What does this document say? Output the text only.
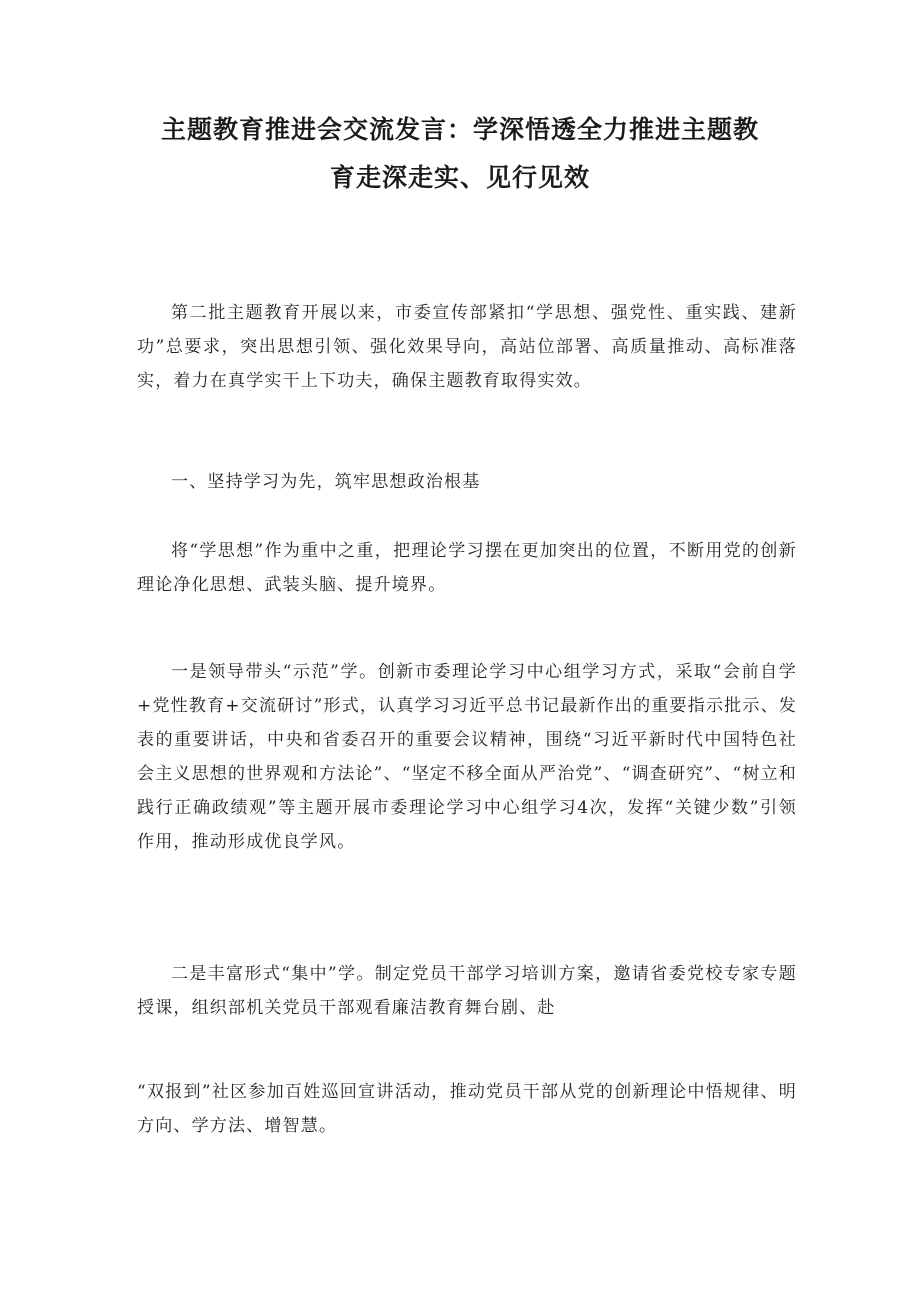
主题教育推进会交流发言：学深悟透全力推进主题教
育走深走实、见行见效

第二批主题教育开展以来，市委宣传部紧扣“学思想、强党性、重实践、建新功”总要求，突出思想引领、强化效果导向，高站位部署、高质量推动、高标准落实，着力在真学实干上下功夫，确保主题教育取得实效。

一、坚持学习为先，筑牢思想政治根基

将“学思想”作为重中之重，把理论学习摆在更加突出的位置，不断用党的创新理论净化思想、武装头脑、提升境界。

一是领导带头“示范”学。创新市委理论学习中心组学习方式，采取“会前自学+党性教育+交流研讨”形式，认真学习习近平总书记最新作出的重要指示批示、发表的重要讲话，中央和省委召开的重要会议精神，围绕“习近平新时代中国特色社会主义思想的世界观和方法论”、“坚定不移全面从严治党”、“调查研究”、“树立和践行正确政绩观”等主题开展市委理论学习中心组学习4次，发挥“关键少数”引领作用，推动形成优良学风。

二是丰富形式“集中”学。制定党员干部学习培训方案，邀请省委党校专家专题授课，组织部机关党员干部观看廉洁教育舞台剧、赴

“双报到”社区参加百姓巡回宣讲活动，推动党员干部从党的创新理论中悟规律、明方向、学方法、增智慧。
